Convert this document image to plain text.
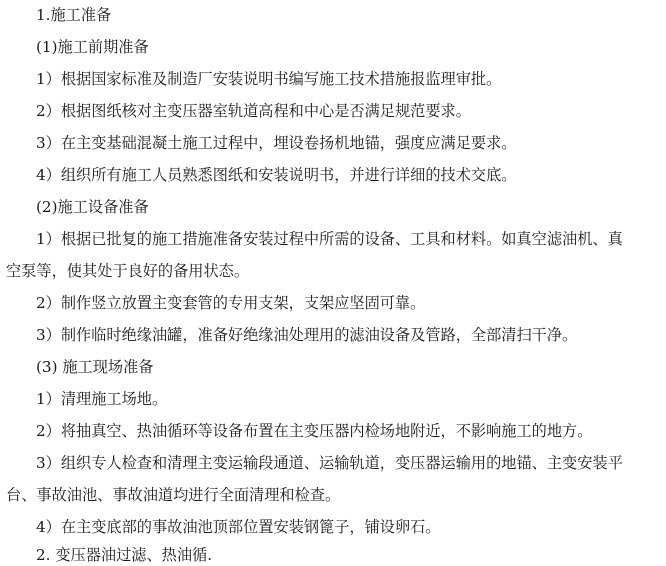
1.施工准备
(1)施工前期准备
1）根据国家标准及制造厂安装说明书编写施工技术措施报监理审批。
2）根据图纸核对主变压器室轨道高程和中心是否满足规范要求。
3）在主变基础混凝土施工过程中，埋设卷扬机地锚，强度应满足要求。
4）组织所有施工人员熟悉图纸和安装说明书，并进行详细的技术交底。
(2)施工设备准备
1）根据已批复的施工措施准备安装过程中所需的设备、工具和材料。如真空滤油机、真
空泵等，使其处于良好的备用状态。
2）制作竖立放置主变套管的专用支架，支架应坚固可靠。
3）制作临时绝缘油罐，准备好绝缘油处理用的滤油设备及管路，全部清扫干净。
(3) 施工现场准备
1）清理施工场地。
2）将抽真空、热油循环等设备布置在主变压器内检场地附近，不影响施工的地方。
3）组织专人检查和清理主变运输段通道、运输轨道，变压器运输用的地锚、主变安装平
台、事故油池、事故油道均进行全面清理和检查。
4）在主变底部的事故油池顶部位置安装钢篦子，铺设卵石。
2. 变压器油过滤、热油循.
